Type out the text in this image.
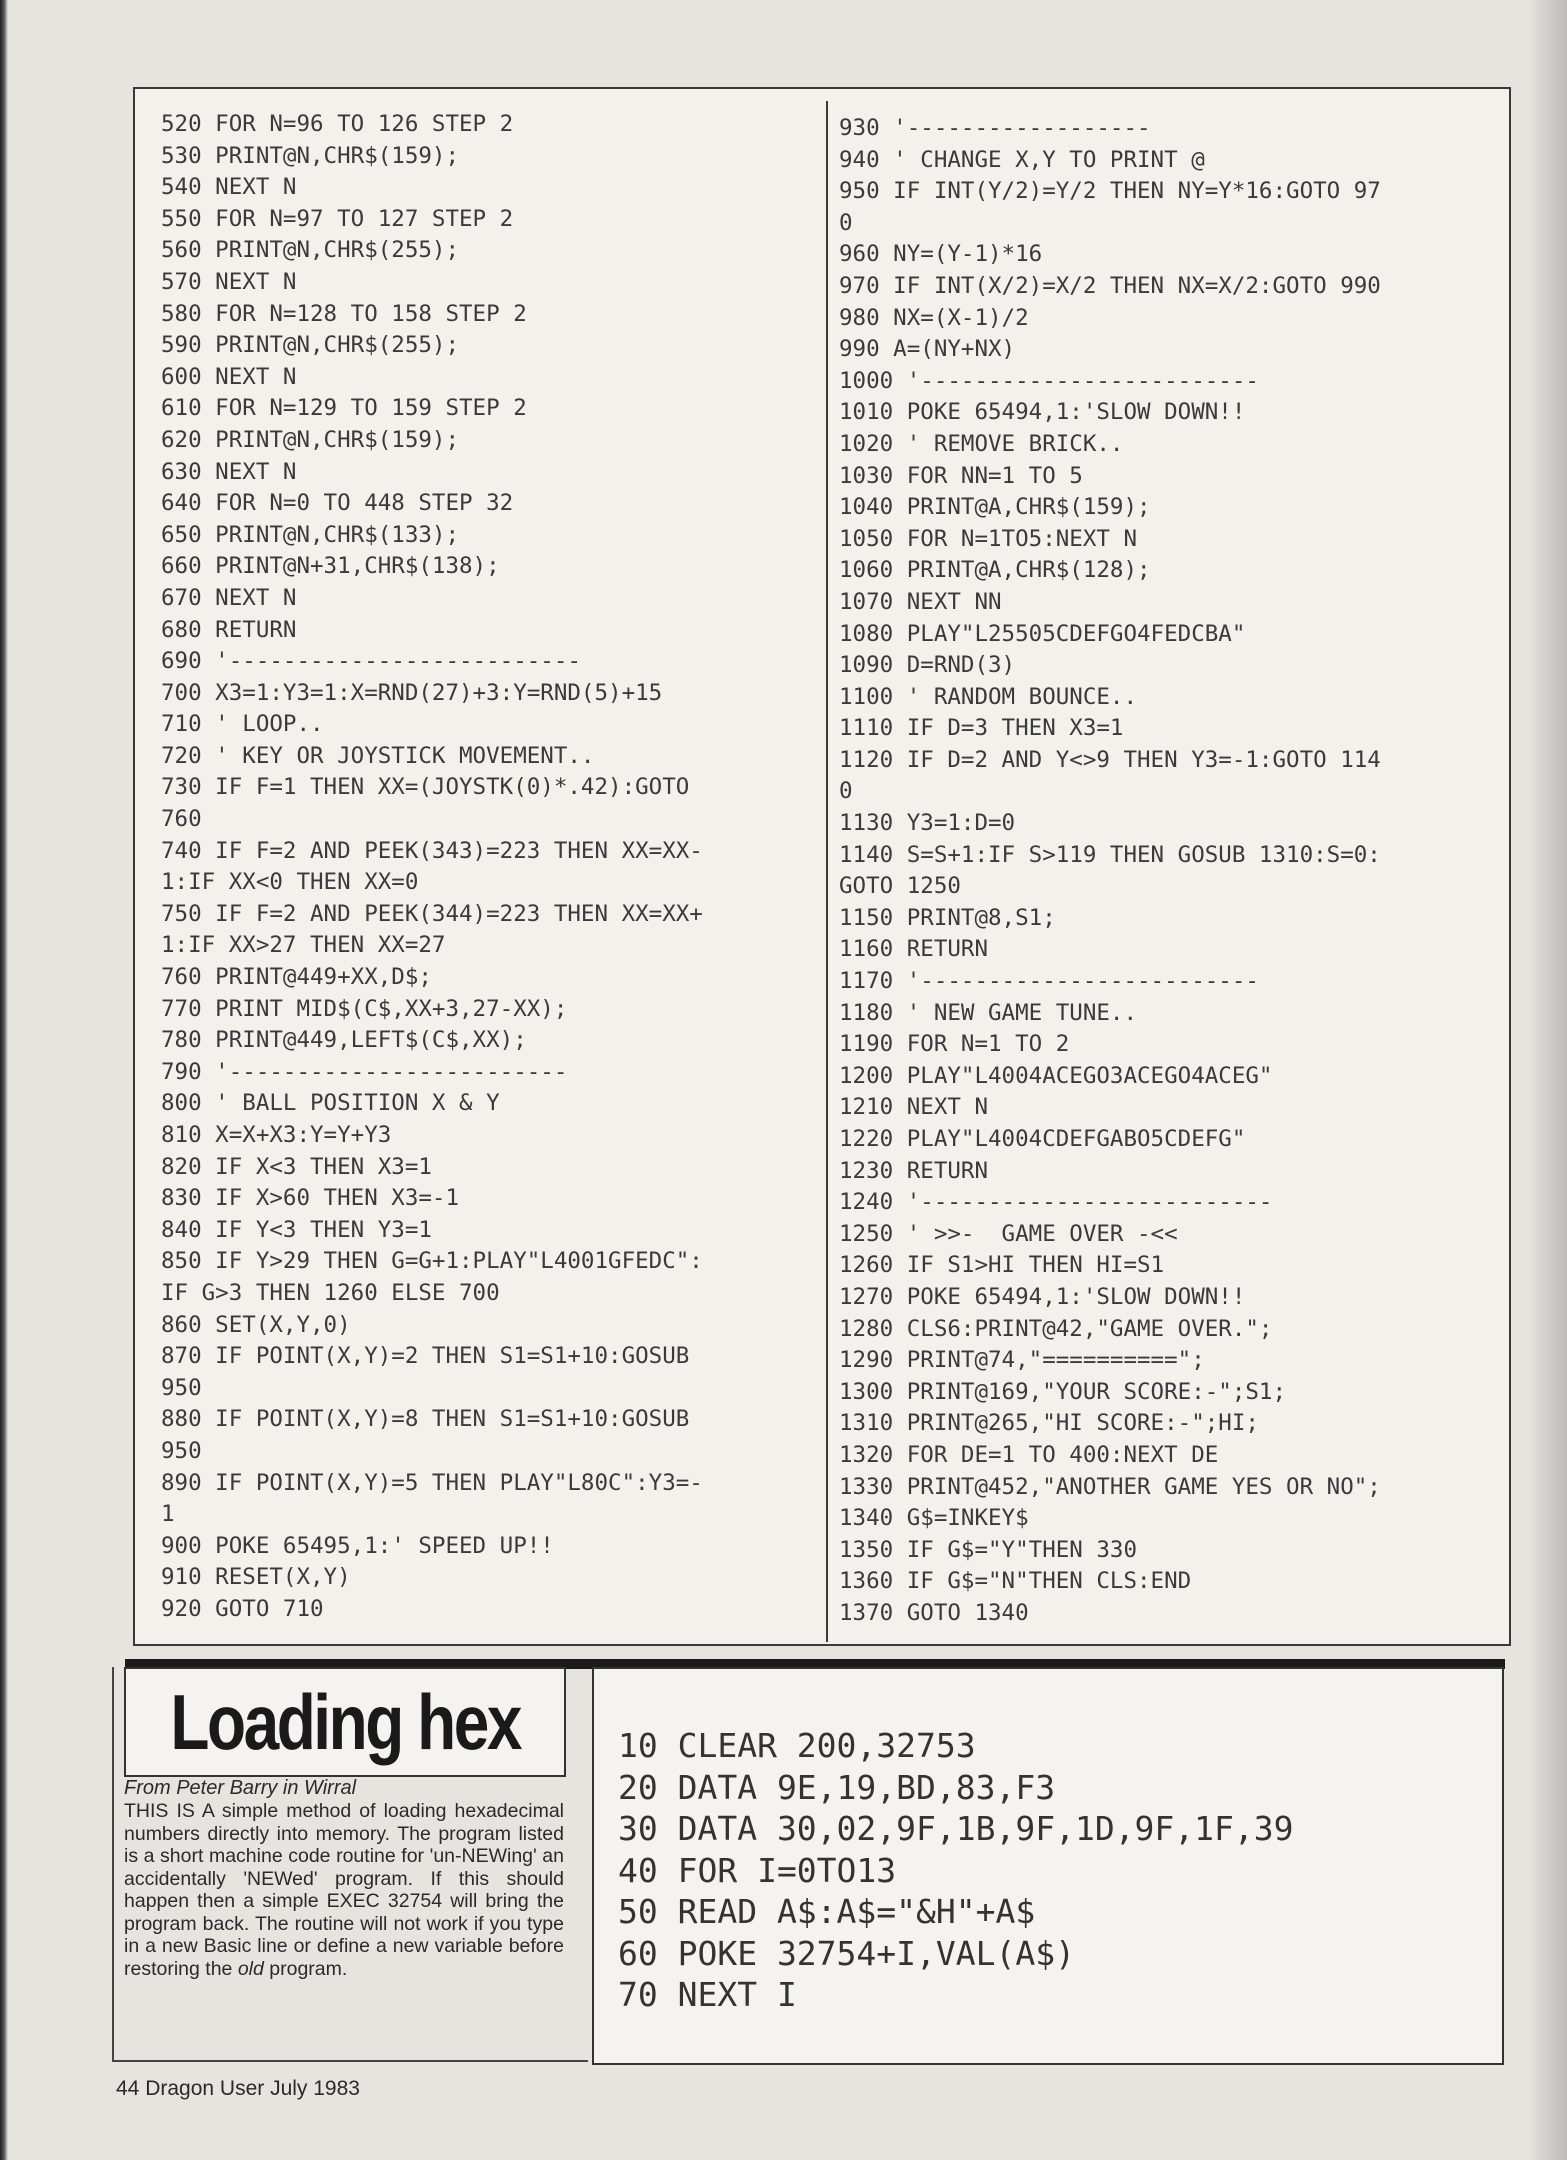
520 FOR N=96 TO 126 STEP 2
530 PRINT@N,CHR$(159);
540 NEXT N
550 FOR N=97 TO 127 STEP 2
560 PRINT@N,CHR$(255);
570 NEXT N
580 FOR N=128 TO 158 STEP 2
590 PRINT@N,CHR$(255);
600 NEXT N
610 FOR N=129 TO 159 STEP 2
620 PRINT@N,CHR$(159);
630 NEXT N
640 FOR N=0 TO 448 STEP 32
650 PRINT@N,CHR$(133);
660 PRINT@N+31,CHR$(138);
670 NEXT N
680 RETURN
690 '--------------------------
700 X3=1:Y3=1:X=RND(27)+3:Y=RND(5)+15
710 ' LOOP..
720 ' KEY OR JOYSTICK MOVEMENT..
730 IF F=1 THEN XX=(JOYSTK(0)*.42):GOTO
760
740 IF F=2 AND PEEK(343)=223 THEN XX=XX-
1:IF XX<0 THEN XX=0
750 IF F=2 AND PEEK(344)=223 THEN XX=XX+
1:IF XX>27 THEN XX=27
760 PRINT@449+XX,D$;
770 PRINT MID$(C$,XX+3,27-XX);
780 PRINT@449,LEFT$(C$,XX);
790 '-------------------------
800 ' BALL POSITION X & Y
810 X=X+X3:Y=Y+Y3
820 IF X<3 THEN X3=1
830 IF X>60 THEN X3=-1
840 IF Y<3 THEN Y3=1
850 IF Y>29 THEN G=G+1:PLAY"L4001GFEDC":
IF G>3 THEN 1260 ELSE 700
860 SET(X,Y,0)
870 IF POINT(X,Y)=2 THEN S1=S1+10:GOSUB
950
880 IF POINT(X,Y)=8 THEN S1=S1+10:GOSUB
950
890 IF POINT(X,Y)=5 THEN PLAY"L80C":Y3=-
1
900 POKE 65495,1:' SPEED UP!!
910 RESET(X,Y)
920 GOTO 710
930 '------------------
940 ' CHANGE X,Y TO PRINT @
950 IF INT(Y/2)=Y/2 THEN NY=Y*16:GOTO 97
0
960 NY=(Y-1)*16
970 IF INT(X/2)=X/2 THEN NX=X/2:GOTO 990
980 NX=(X-1)/2
990 A=(NY+NX)
1000 '-------------------------
1010 POKE 65494,1:'SLOW DOWN!!
1020 ' REMOVE BRICK..
1030 FOR NN=1 TO 5
1040 PRINT@A,CHR$(159);
1050 FOR N=1TO5:NEXT N
1060 PRINT@A,CHR$(128);
1070 NEXT NN
1080 PLAY"L25505CDEFGO4FEDCBA"
1090 D=RND(3)
1100 ' RANDOM BOUNCE..
1110 IF D=3 THEN X3=1
1120 IF D=2 AND Y<>9 THEN Y3=-1:GOTO 114
0
1130 Y3=1:D=0
1140 S=S+1:IF S>119 THEN GOSUB 1310:S=0:
GOTO 1250
1150 PRINT@8,S1;
1160 RETURN
1170 '-------------------------
1180 ' NEW GAME TUNE..
1190 FOR N=1 TO 2
1200 PLAY"L4004ACEGO3ACEGO4ACEG"
1210 NEXT N
1220 PLAY"L4004CDEFGABO5CDEFG"
1230 RETURN
1240 '--------------------------
1250 ' >>-  GAME OVER -<<
1260 IF S1>HI THEN HI=S1
1270 POKE 65494,1:'SLOW DOWN!!
1280 CLS6:PRINT@42,"GAME OVER.";
1290 PRINT@74,"==========";
1300 PRINT@169,"YOUR SCORE:-";S1;
1310 PRINT@265,"HI SCORE:-";HI;
1320 FOR DE=1 TO 400:NEXT DE
1330 PRINT@452,"ANOTHER GAME YES OR NO";
1340 G$=INKEY$
1350 IF G$="Y"THEN 330
1360 IF G$="N"THEN CLS:END
1370 GOTO 1340
Loading hex

From Peter Barry in Wirral

THIS IS A simple method of loading hexadecimal numbers directly into memory. The program listed is a short machine code routine for 'un-NEWing' an accidentally 'NEWed' program. If this should happen then a simple EXEC 32754 will bring the program back. The routine will not work if you type in a new Basic line or define a new variable before restoring the old program.

10 CLEAR 200,32753
20 DATA 9E,19,BD,83,F3
30 DATA 30,02,9F,1B,9F,1D,9F,1F,39
40 FOR I=0TO13
50 READ A$:A$="&H"+A$
60 POKE 32754+I,VAL(A$)
70 NEXT I
44 Dragon User July 1983
